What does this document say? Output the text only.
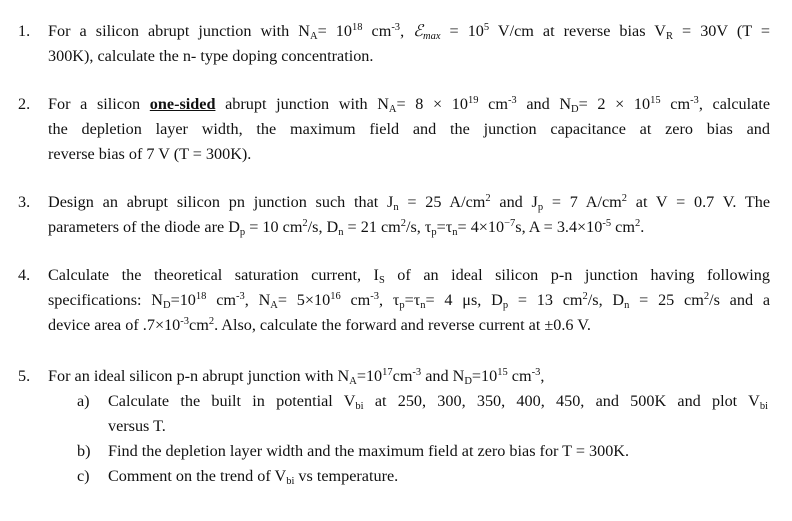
1. For a silicon abrupt junction with $N_A= 10^{18}$ $cm^{-3}$, ℰ$_{max}$ = $10^5$ V/cm at reverse bias $V_R = 30V$ (T =
300K), calculate the n- type doping concentration.
2. For a silicon one-sided abrupt junction with $N_A= 8 \times 10^{19}$ $cm^{-3}$ and $N_D= 2 \times 10^{15}$ $cm^{-3}$, calculate
the depletion layer width, the maximum field and the junction capacitance at zero bias and
reverse bias of 7 V (T = 300K).
3. Design an abrupt silicon pn junction such that $J_n = 25$ $A/cm^2$ and $J_p = 7$ $A/cm^2$ at V = 0.7 V. The
parameters of the diode are $D_p = 10$ $cm^2/s$, $D_n = 21$ $cm^2/s$, $\tau_p=\tau_n= 4\times 10^{-7}s$, $A = 3.4\times 10^{-5}$ $cm^2$.
4. Calculate the theoretical saturation current, $I_S$ of an ideal silicon p-n junction having following
specifications: $N_D=10^{18}$ $cm^{-3}$, $N_A= 5\times 10^{16}$ $cm^{-3}$, $\tau_p=\tau_n= 4$ μs, $D_p = 13$ $cm^2/s$, $D_n = 25$ $cm^2/s$ and a
device area of $.7\times 10^{-3}cm^2$. Also, calculate the forward and reverse current at ±0.6 V.
5. For an ideal silicon p-n abrupt junction with $N_A=10^{17}cm^{-3}$ and $N_D=10^{15}$ $cm^{-3}$,
a) Calculate the built in potential $V_{bi}$ at 250, 300, 350, 400, 450, and 500K and plot $V_{bi}$
versus T.
b) Find the depletion layer width and the maximum field at zero bias for T = 300K.
c) Comment on the trend of $V_{bi}$ vs temperature.
